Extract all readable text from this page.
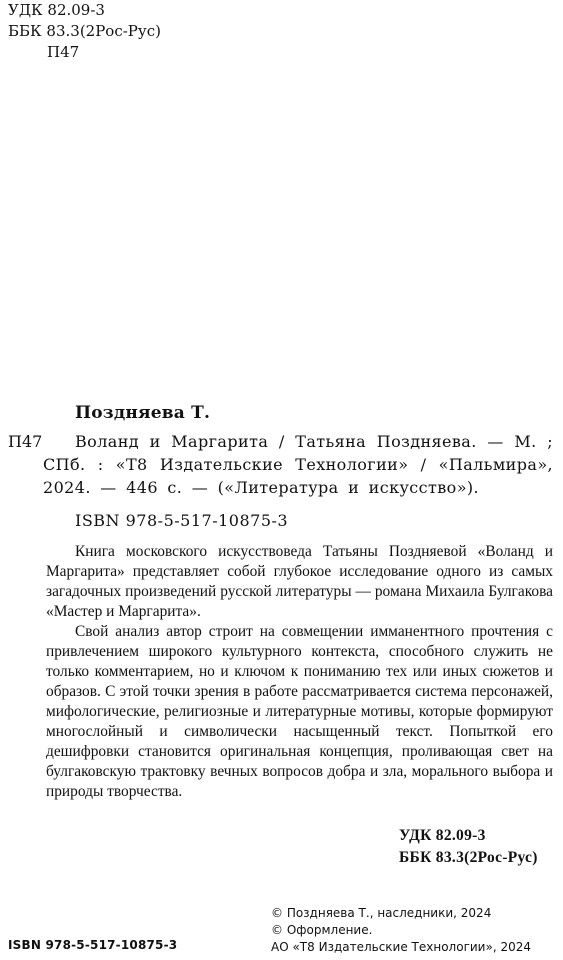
УДК 82.09-3
ББК 83.3(2Рос-Рус)
П47
Поздняева Т.
П47	Воланд и Маргарита / Татьяна Поздняева. — М. ; СПб. : «Т8 Издательские Технологии» / «Пальмира», 2024. — 446 с. — («Литература и искусство»).

ISBN 978-5-517-10875-3

Книга московского искусствоведа Татьяны Поздняевой «Воланд и Маргарита» представляет собой глубокое исследование одного из самых загадочных произведений русской литературы — романа Михаила Булгакова «Мастер и Маргарита».

Свой анализ автор строит на совмещении имманентного прочтения с привлечением широкого культурного контекста, способного служить не только комментарием, но и ключом к пониманию тех или иных сюжетов и образов. С этой точки зрения в работе рассматривается система персонажей, мифологические, религиозные и литературные мотивы, которые формируют многослойный и символически насыщенный текст. Попыткой его дешифровки становится оригинальная концепция, проливающая свет на булгаковскую трактовку вечных вопросов добра и зла, морального выбора и природы творчества.

УДК 82.09-3
ББК 83.3(2Рос-Рус)
© Поздняева Т., наследники, 2024
© Оформление.
АО «Т8 Издательские Технологии», 2024
ISBN 978-5-517-10875-3
